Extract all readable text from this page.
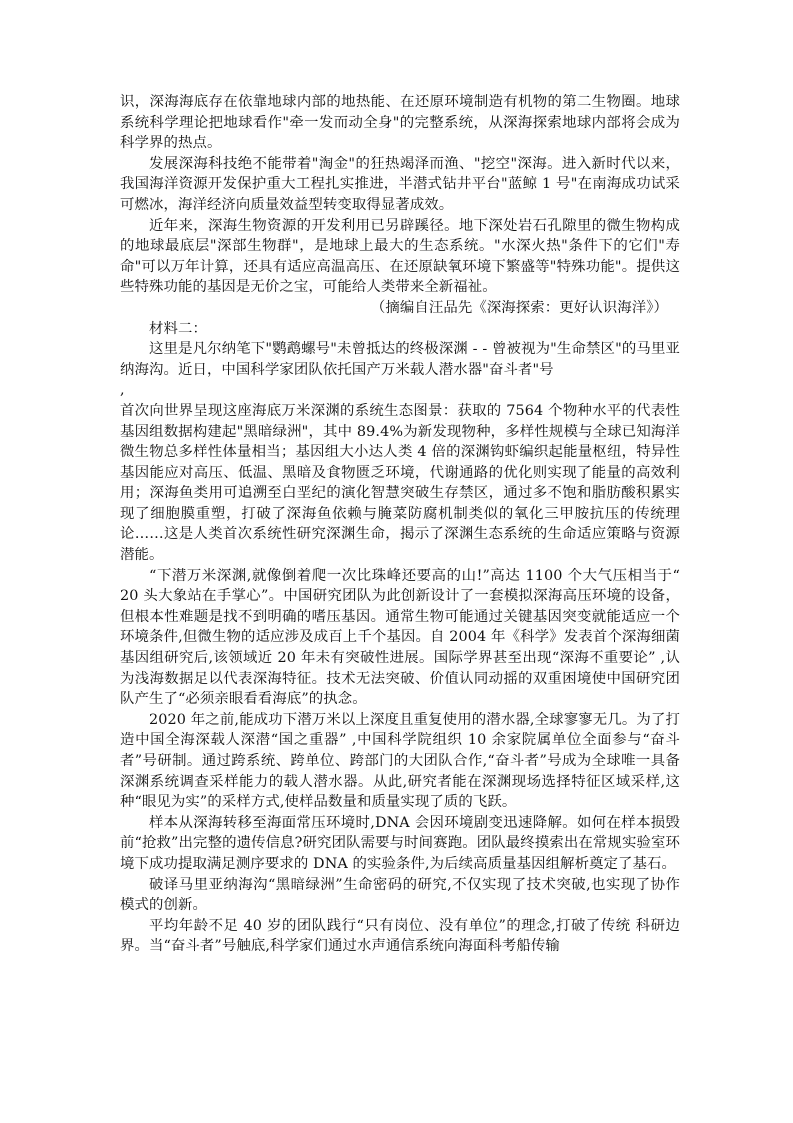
识，深海海底存在依靠地球内部的地热能、在还原环境制造有机物的第二生物圈。地球系统科学理论把地球看作"牵一发而动全身"的完整系统，从深海探索地球内部将会成为科学界的热点。

发展深海科技绝不能带着"淘金"的狂热竭泽而渔、"挖空"深海。进入新时代以来，我国海洋资源开发保护重大工程扎实推进，半潜式钻井平台"蓝鲸 1 号"在南海成功试采可燃冰，海洋经济向质量效益型转变取得显著成效。

近年来，深海生物资源的开发利用已另辟蹊径。地下深处岩石孔隙里的微生物构成的地球最底层"深部生物群"，是地球上最大的生态系统。"水深火热"条件下的它们"寿命"可以万年计算，还具有适应高温高压、在还原缺氧环境下繁盛等"特殊功能"。提供这些特殊功能的基因是无价之宝，可能给人类带来全新福祉。

（摘编自汪品先《深海探索：更好认识海洋》）

材料二：

这里是凡尔纳笔下"鹦鹉螺号"未曾抵达的终极深渊 - - 曾被视为"生命禁区"的马里亚纳海沟。近日，中国科学家团队依托国产万米载人潜水器"奋斗者"号

,

首次向世界呈现这座海底万米深渊的系统生态图景：获取的 7564 个物种水平的代表性基因组数据构建起"黑暗绿洲"，其中 89.4%为新发现物种，多样性规模与全球已知海洋微生物总多样性体量相当；基因组大小达人类 4 倍的深渊钩虾编织起能量枢纽，特异性基因能应对高压、低温、黑暗及食物匮乏环境，代谢通路的优化则实现了能量的高效利用；深海鱼类用可追溯至白垩纪的演化智慧突破生存禁区，通过多不饱和脂肪酸积累实现了细胞膜重塑，打破了深海鱼依赖与腌菜防腐机制类似的氧化三甲胺抗压的传统理论……这是人类首次系统性研究深渊生命，揭示了深渊生态系统的生命适应策略与资源潜能。

“下潜万米深渊,就像倒着爬一次比珠峰还要高的山!”高达 1100 个大气压相当于“ 20 头大象站在手掌心”。中国研究团队为此创新设计了一套模拟深海高压环境的设备，但根本性难题是找不到明确的嗜压基因。通常生物可能通过关键基因突变就能适应一个环境条件,但微生物的适应涉及成百上千个基因。自 2004 年《科学》发表首个深海细菌基因组研究后,该领域近 20 年未有突破性进展。国际学界甚至出现“深海不重要论” ,认为浅海数据足以代表深海特征。技术无法突破、价值认同动摇的双重困境使中国研究团队产生了“必须亲眼看看海底”的执念。

2020 年之前,能成功下潜万米以上深度且重复使用的潜水器,全球寥寥无几。为了打造中国全海深载人深潜“国之重器” ,中国科学院组织 10 余家院属单位全面参与“奋斗者”号研制。通过跨系统、跨单位、跨部门的大团队合作,“奋斗者”号成为全球唯一具备深渊系统调查采样能力的载人潜水器。从此,研究者能在深渊现场选择特征区域采样,这种“眼见为实”的采样方式,使样品数量和质量实现了质的飞跃。

样本从深海转移至海面常压环境时,DNA 会因环境剧变迅速降解。如何在样本损毁前“抢救”出完整的遗传信息?研究团队需要与时间赛跑。团队最终摸索出在常规实验室环境下成功提取满足测序要求的 DNA 的实验条件,为后续高质量基因组解析奠定了基石。

破译马里亚纳海沟“黑暗绿洲”生命密码的研究,不仅实现了技术突破,也实现了协作模式的创新。

平均年龄不足 40 岁的团队践行“只有岗位、没有单位”的理念,打破了传统 科研边界。当“奋斗者”号触底,科学家们通过水声通信系统向海面科考船传输
